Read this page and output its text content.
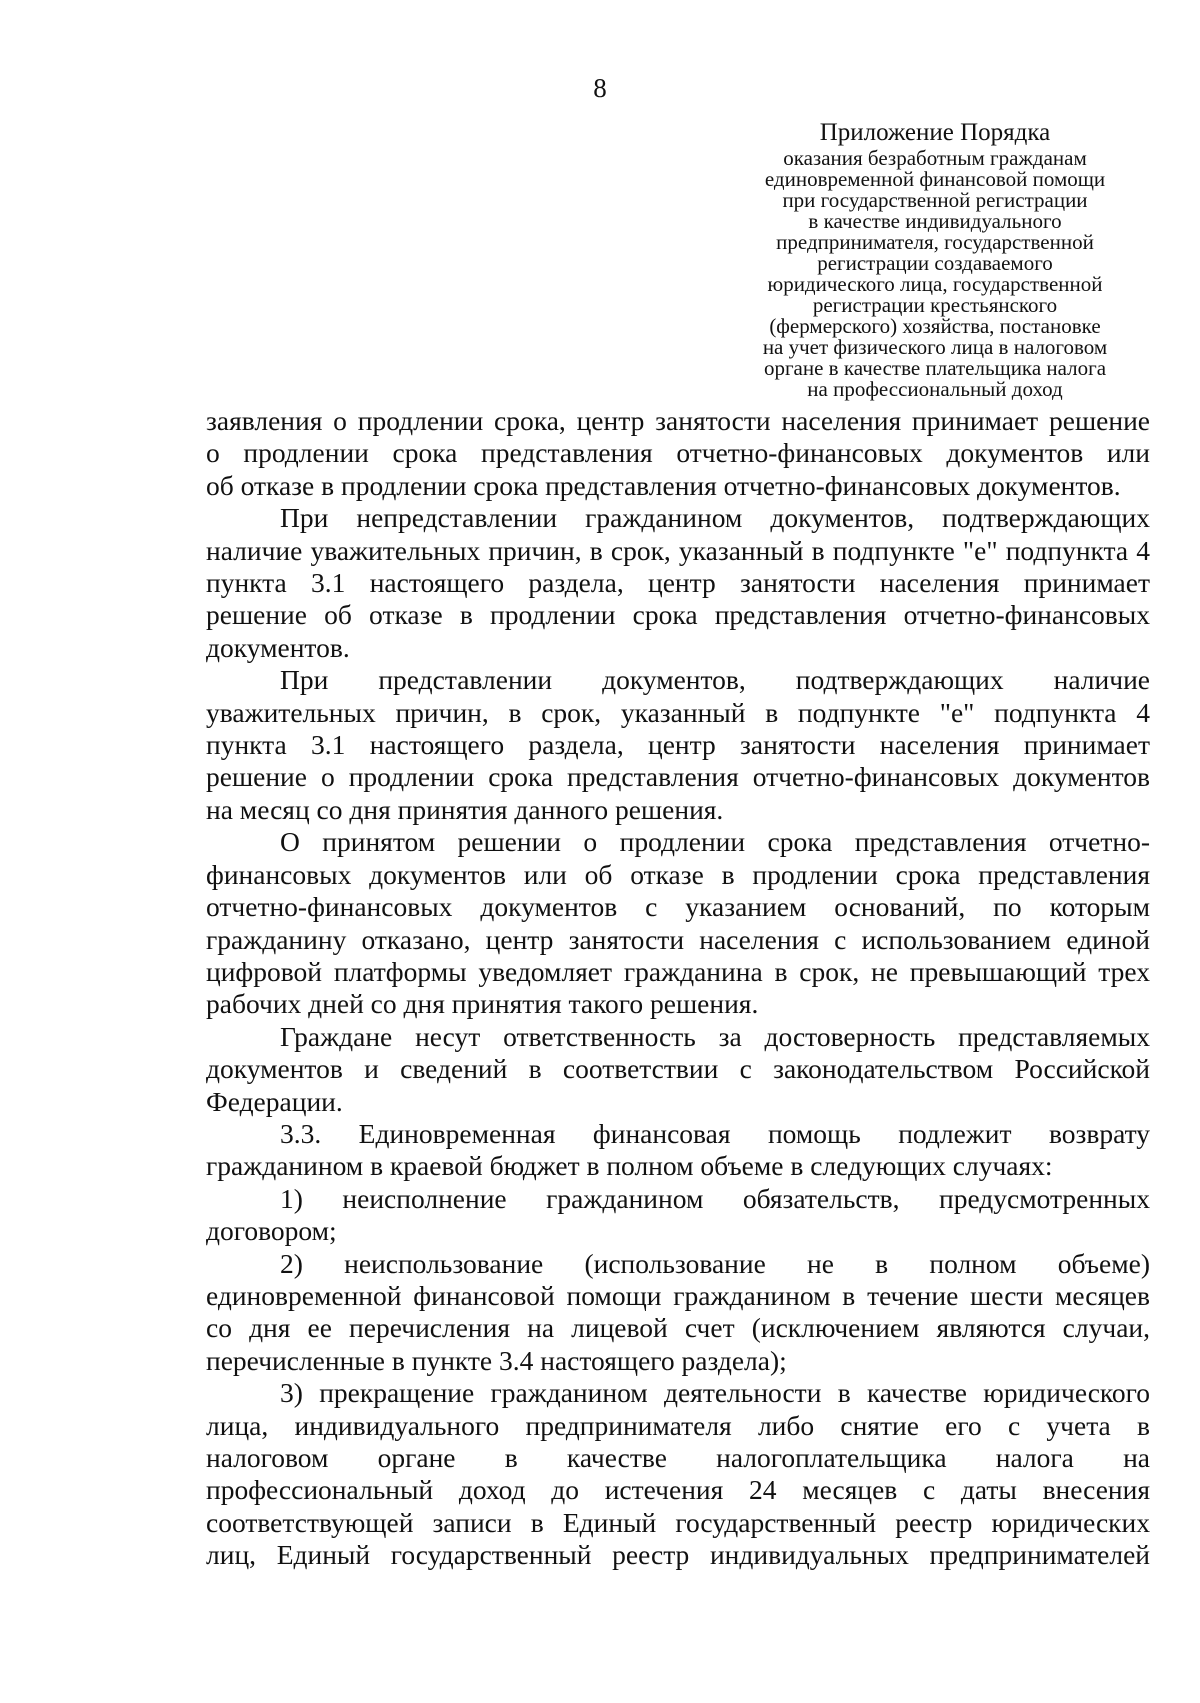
8
Приложение Порядка
оказания безработным гражданам
единовременной финансовой помощи
при государственной регистрации
в качестве индивидуального
предпринимателя, государственной
регистрации создаваемого
юридического лица, государственной
регистрации крестьянского
(фермерского) хозяйства, постановке
на учет физического лица в налоговом
органе в качестве плательщика налога
на профессиональный доход

заявления о продлении срока, центр занятости населения принимает решение
о продлении срока представления отчетно-финансовых документов или
об отказе в продлении срока представления отчетно-финансовых документов.

При непредставлении гражданином документов, подтверждающих
наличие уважительных причин, в срок, указанный в подпункте "е" подпункта 4
пункта 3.1 настоящего раздела, центр занятости населения принимает
решение об отказе в продлении срока представления отчетно-финансовых
документов.

При представлении документов, подтверждающих наличие
уважительных причин, в срок, указанный в подпункте "е" подпункта 4
пункта 3.1 настоящего раздела, центр занятости населения принимает
решение о продлении срока представления отчетно-финансовых документов
на месяц со дня принятия данного решения.

О принятом решении о продлении срока представления отчетно-
финансовых документов или об отказе в продлении срока представления
отчетно-финансовых документов с указанием оснований, по которым
гражданину отказано, центр занятости населения с использованием единой
цифровой платформы уведомляет гражданина в срок, не превышающий трех
рабочих дней со дня принятия такого решения.

Граждане несут ответственность за достоверность представляемых
документов и сведений в соответствии с законодательством Российской
Федерации.

3.3. Единовременная финансовая помощь подлежит возврату
гражданином в краевой бюджет в полном объеме в следующих случаях:

1) неисполнение гражданином обязательств, предусмотренных
договором;

2) неиспользование (использование не в полном объеме)
единовременной финансовой помощи гражданином в течение шести месяцев
со дня ее перечисления на лицевой счет (исключением являются случаи,
перечисленные в пункте 3.4 настоящего раздела);

3) прекращение гражданином деятельности в качестве юридического
лица, индивидуального предпринимателя либо снятие его с учета в
налоговом органе в качестве налогоплательщика налога на
профессиональный доход до истечения 24 месяцев с даты внесения
соответствующей записи в Единый государственный реестр юридических
лиц, Единый государственный реестр индивидуальных предпринимателей
